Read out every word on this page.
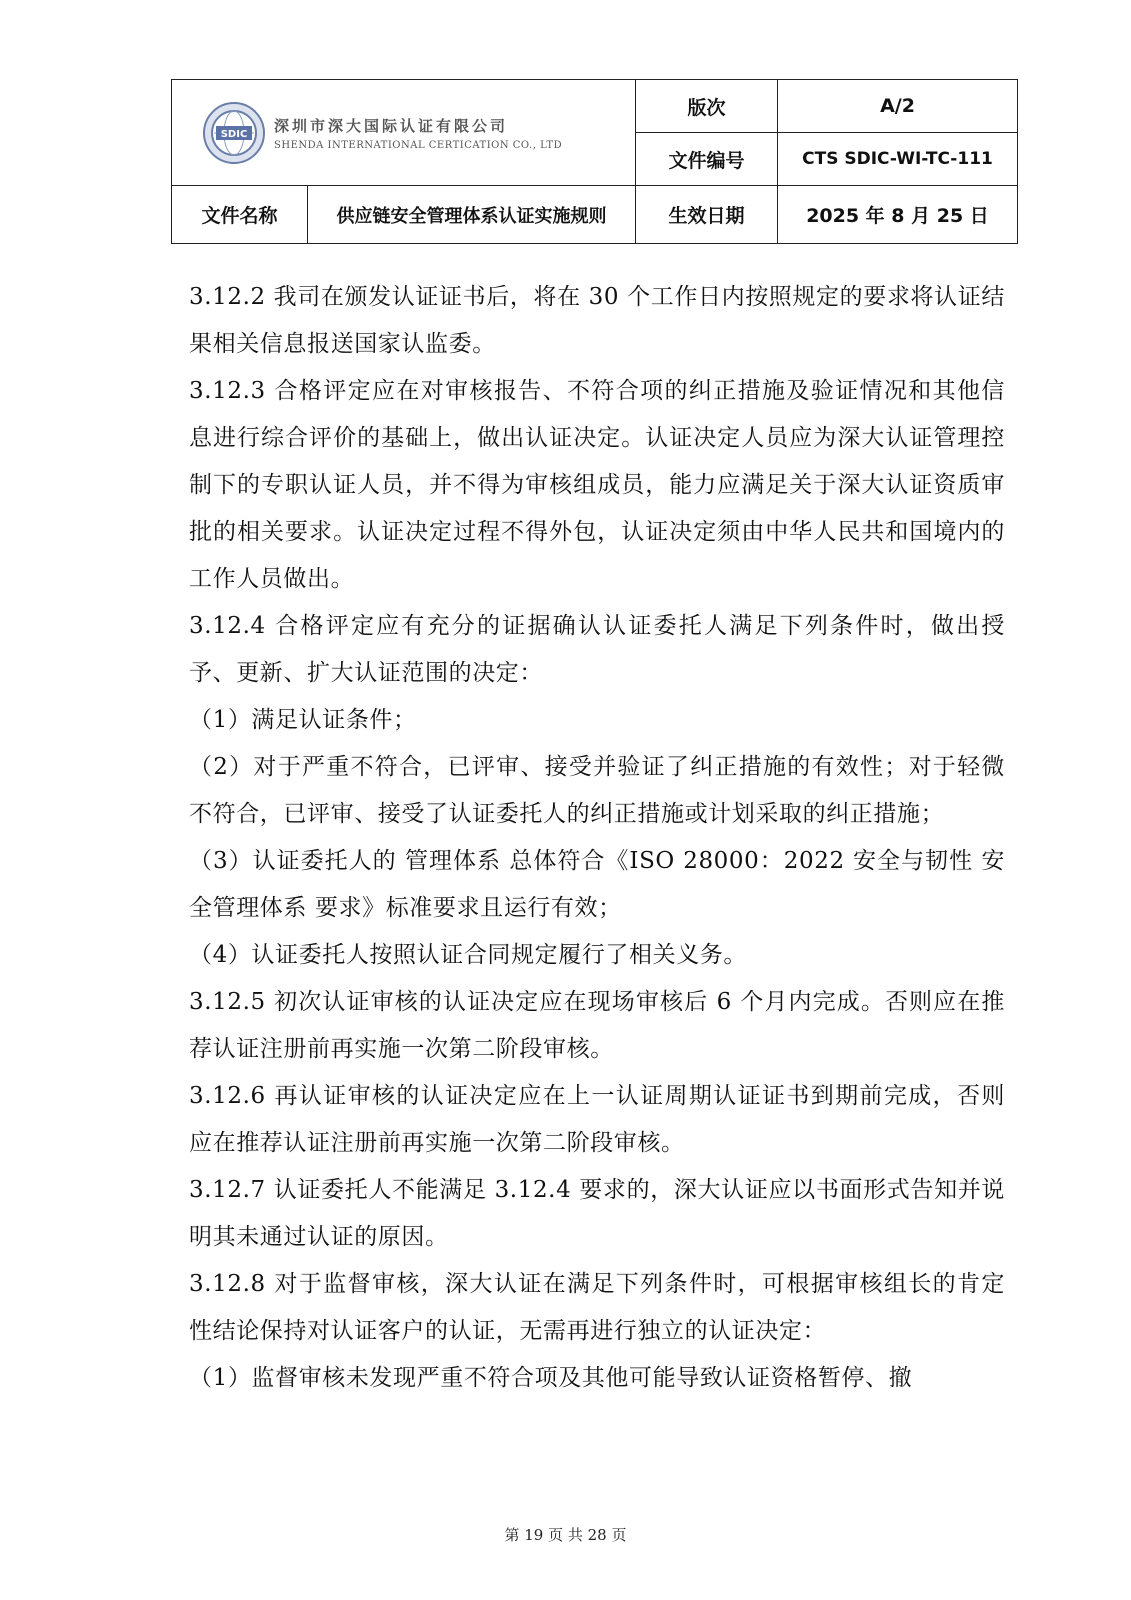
SDIC 深圳市深大国际认证有限公司
SHENDA INTERNATIONAL CERTICATION CO., LTD		版次	A/2
		文件编号	CTS SDIC-WI-TC-111
文件名称	供应链安全管理体系认证实施规则	生效日期	2025 年 8 月 25 日

3.12.2 我司在颁发认证证书后，将在 30 个工作日内按照规定的要求将认证结果相关信息报送国家认监委。

3.12.3 合格评定应在对审核报告、不符合项的纠正措施及验证情况和其他信息进行综合评价的基础上，做出认证决定。认证决定人员应为深大认证管理控制下的专职认证人员，并不得为审核组成员，能力应满足关于深大认证资质审批的相关要求。认证决定过程不得外包，认证决定须由中华人民共和国境内的工作人员做出。

3.12.4 合格评定应有充分的证据确认认证委托人满足下列条件时，做出授予、更新、扩大认证范围的决定：

（1）满足认证条件；

（2）对于严重不符合，已评审、接受并验证了纠正措施的有效性；对于轻微不符合，已评审、接受了认证委托人的纠正措施或计划采取的纠正措施；

（3）认证委托人的 管理体系 总体符合《ISO 28000：2022 安全与韧性 安全管理体系 要求》标准要求且运行有效；

（4）认证委托人按照认证合同规定履行了相关义务。

3.12.5 初次认证审核的认证决定应在现场审核后 6 个月内完成。否则应在推荐认证注册前再实施一次第二阶段审核。

3.12.6 再认证审核的认证决定应在上一认证周期认证证书到期前完成，否则应在推荐认证注册前再实施一次第二阶段审核。

3.12.7 认证委托人不能满足 3.12.4 要求的，深大认证应以书面形式告知并说明其未通过认证的原因。

3.12.8 对于监督审核，深大认证在满足下列条件时，可根据审核组长的肯定性结论保持对认证客户的认证，无需再进行独立的认证决定：

（1）监督审核未发现严重不符合项及其他可能导致认证资格暂停、撤

第 19 页 共 28 页
